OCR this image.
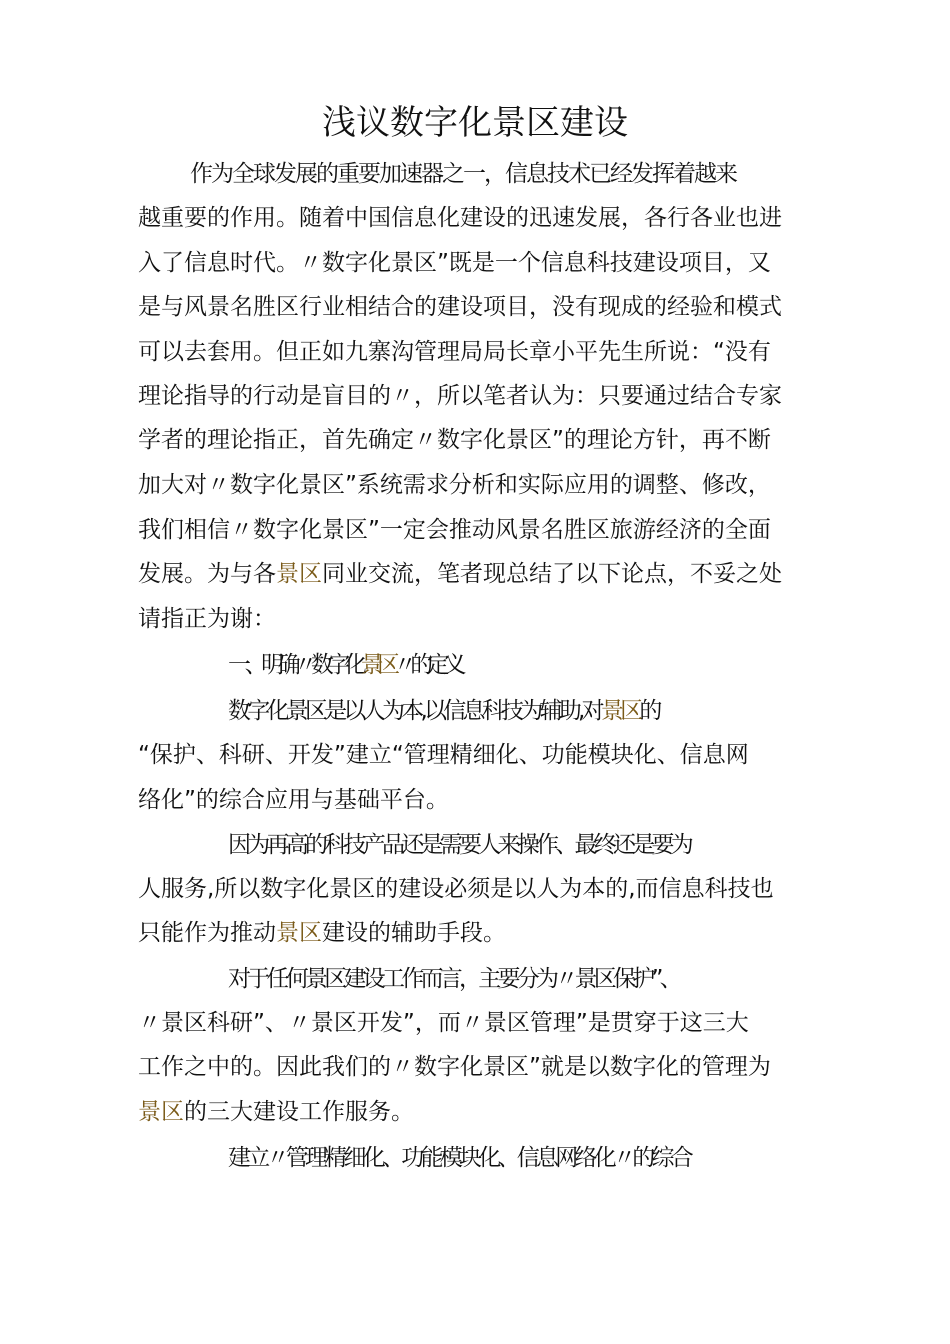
浅议数字化景区建设
作为全球发展的重要加速器之一，信息技术已经发挥着越来
越重要的作用。随着中国信息化建设的迅速发展，各行各业也进
入了信息时代。〃数字化景区”既是一个信息科技建设项目，又
是与风景名胜区行业相结合的建设项目，没有现成的经验和模式
可以去套用。但正如九寨沟管理局局长章小平先生所说：“没有
理论指导的行动是盲目的〃，所以笔者认为：只要通过结合专家
学者的理论指正，首先确定〃数字化景区”的理论方针，再不断
加大对〃数字化景区”系统需求分析和实际应用的调整、修改，
我们相信〃数字化景区”一定会推动风景名胜区旅游经济的全面
发展。为与各景区同业交流，笔者现总结了以下论点，不妥之处
请指正为谢：
一、明确〃数字化景区〃的定义
数字化景区是以人为本,以信息科技为辅助,对景区的
“保护、科研、开发”建立“管理精细化、功能模块化、信息网
络化”的综合应用与基础平台。
因为再高的科技产品还是需要人来操作、最终还是要为
人服务,所以数字化景区的建设必须是以人为本的,而信息科技也
只能作为推动景区建设的辅助手段。
对于任何景区建设工作而言，主要分为〃景区保护”、
〃景区科研”、〃景区开发”，而〃景区管理”是贯穿于这三大
工作之中的。因此我们的〃数字化景区”就是以数字化的管理为
景区的三大建设工作服务。
建立〃管理精细化、功能模块化、信息网络化〃的综合
